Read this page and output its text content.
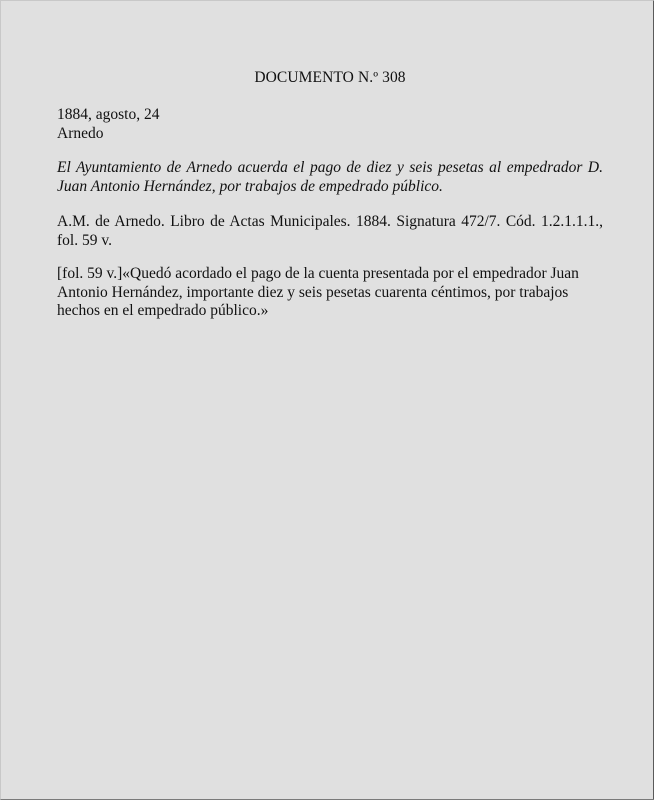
DOCUMENTO N.º 308
1884, agosto, 24
Arnedo
El Ayuntamiento de Arnedo acuerda el pago de diez y seis pesetas al empedrador D.
Juan Antonio Hernández, por trabajos de empedrado público.
A.M. de Arnedo. Libro de Actas Municipales. 1884. Signatura 472/7. Cód. 1.2.1.1.1.,
fol. 59 v.
[fol. 59 v.]«Quedó acordado el pago de la cuenta presentada por el empedrador Juan
Antonio Hernández, importante diez y seis pesetas cuarenta céntimos, por trabajos
hechos en el empedrado público.»
